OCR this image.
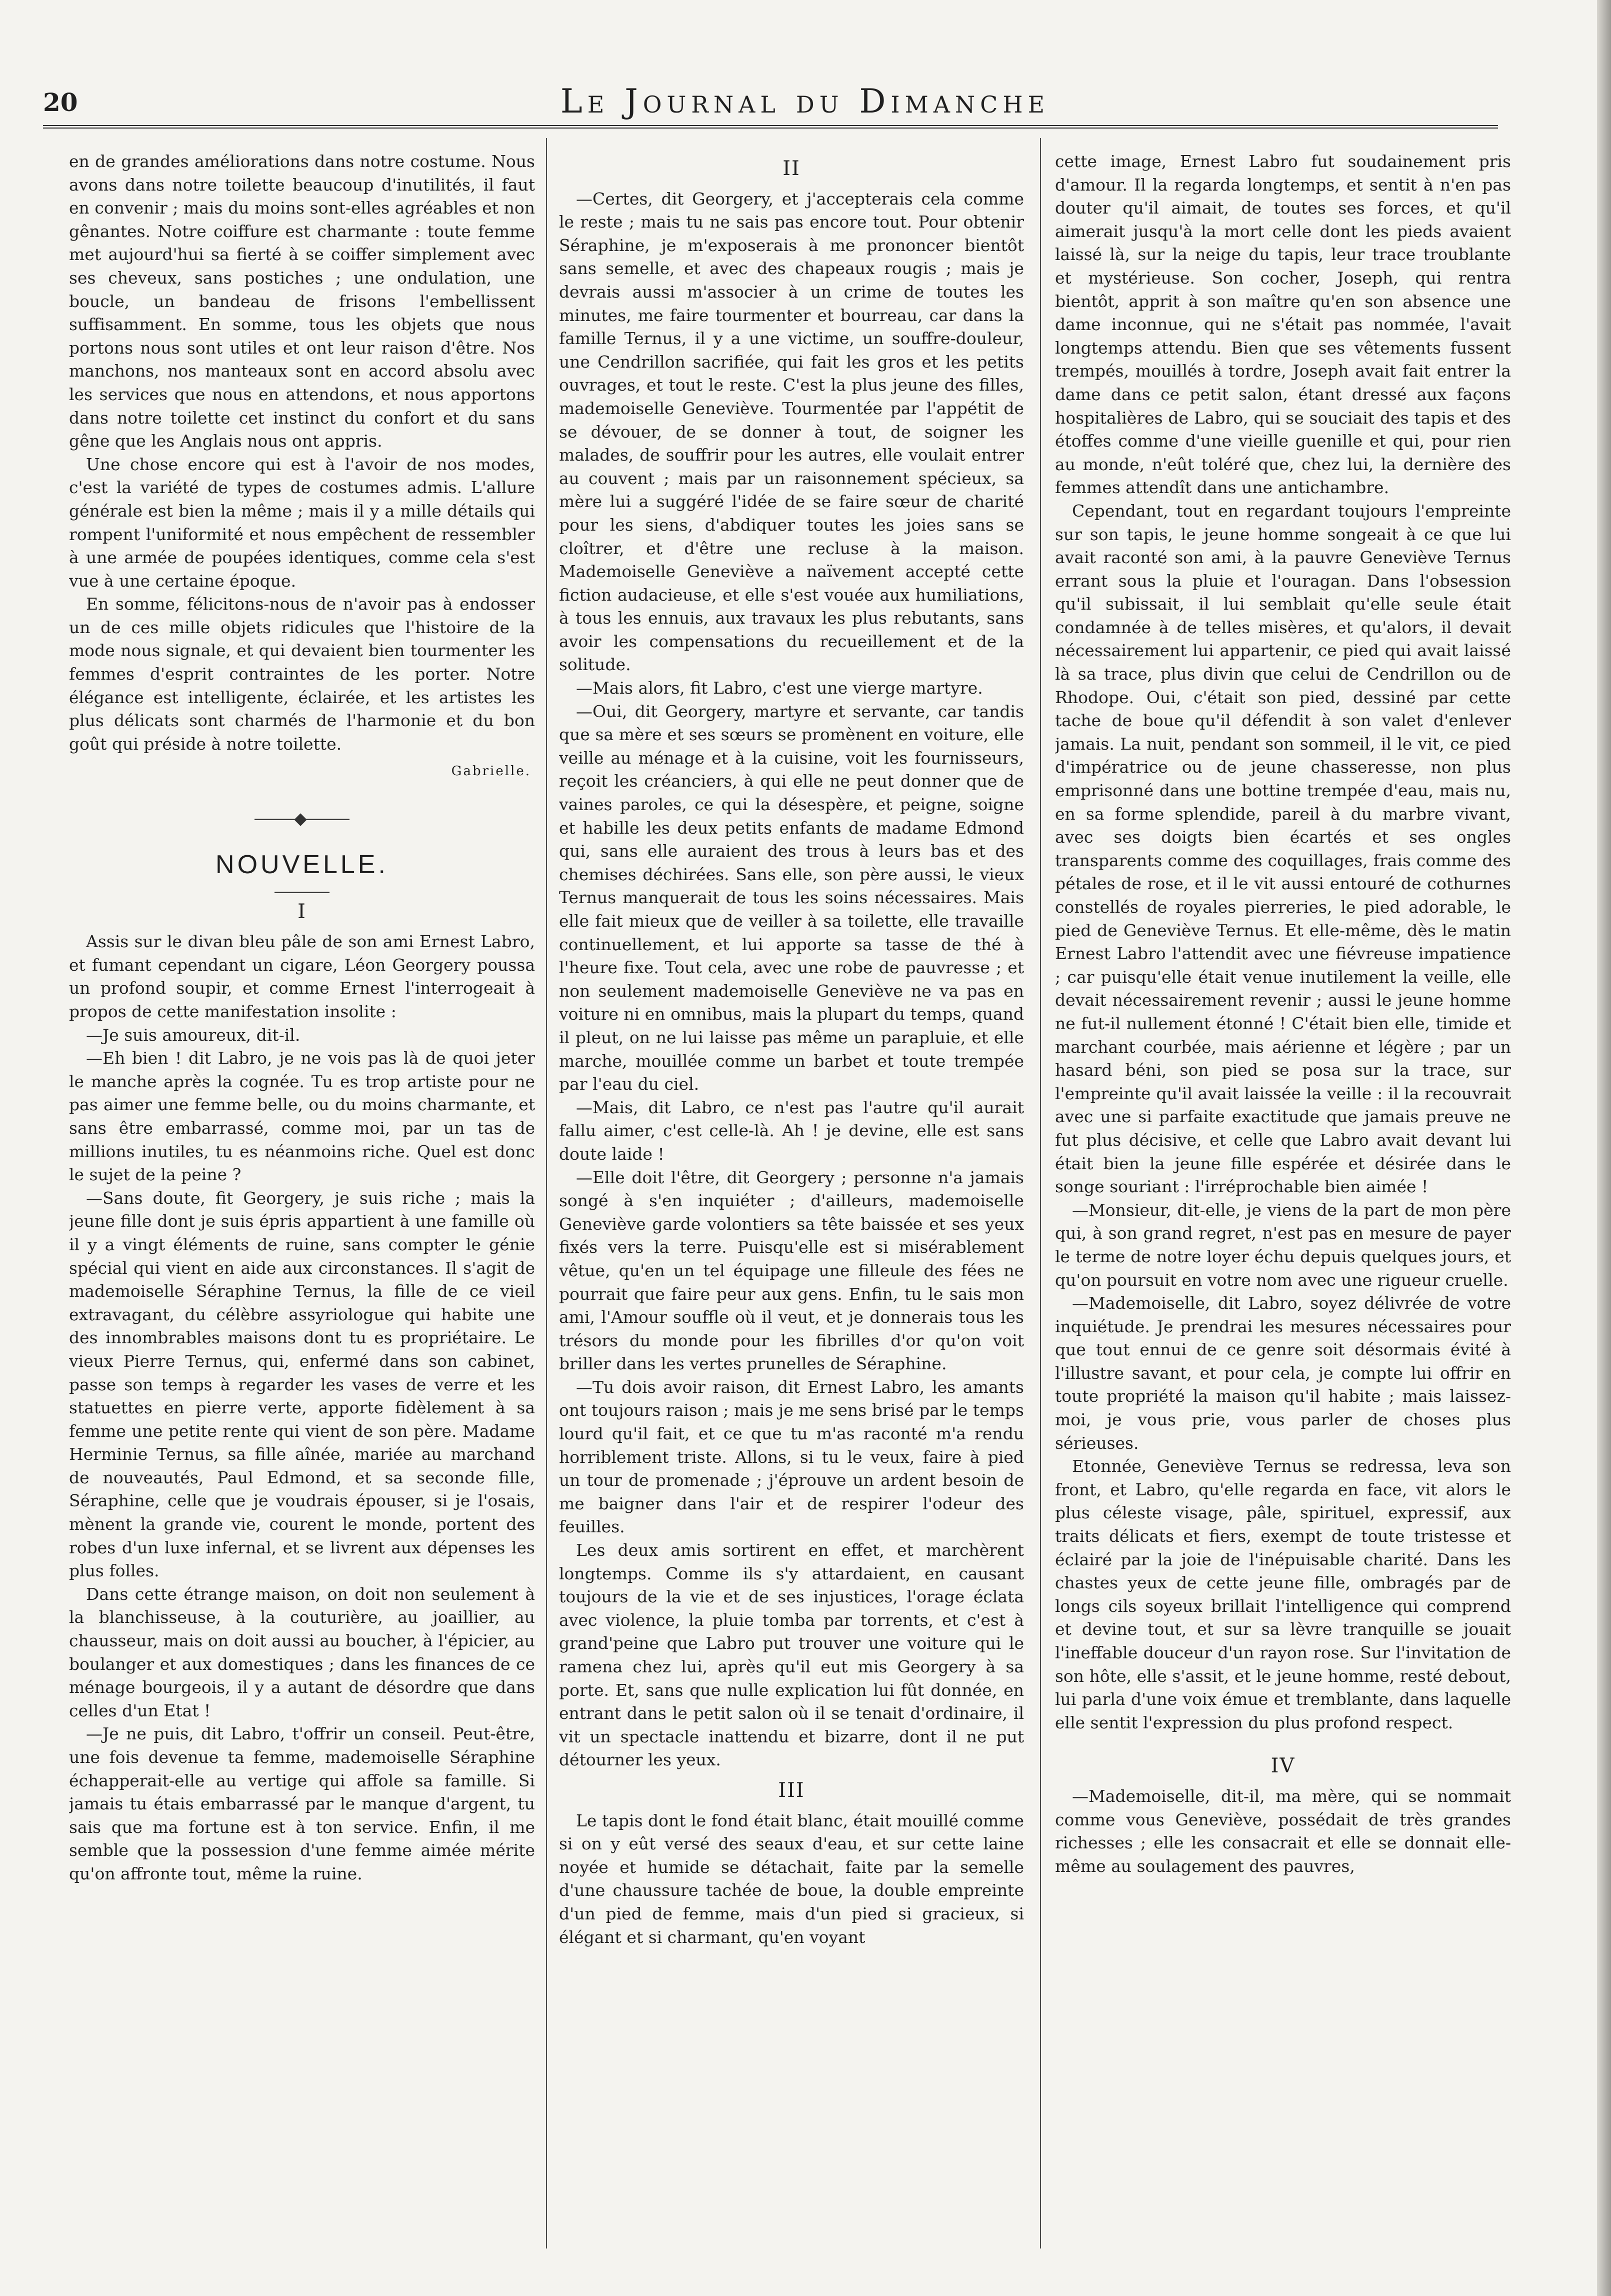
20	Le Journal du Dimanche

en de grandes améliorations dans notre costume. Nous avons dans notre toilette beaucoup d'inutilités, il faut en convenir ; mais du moins sont-elles agréables et non gênantes. Notre coiffure est charmante : toute femme met aujourd'hui sa fierté à se coiffer simplement avec ses cheveux, sans postiches ; une ondulation, une boucle, un bandeau de frisons l'embellissent suffisamment. En somme, tous les objets que nous portons nous sont utiles et ont leur raison d'être. Nos manchons, nos manteaux sont en accord absolu avec les services que nous en attendons, et nous apportons dans notre toilette cet instinct du confort et du sans gêne que les Anglais nous ont appris.

Une chose encore qui est à l'avoir de nos modes, c'est la variété de types de costumes admis. L'allure générale est bien la même ; mais il y a mille détails qui rompent l'uniformité et nous empêchent de ressembler à une armée de poupées identiques, comme cela s'est vue à une certaine époque.

En somme, félicitons-nous de n'avoir pas à endosser un de ces mille objets ridicules que l'histoire de la mode nous signale, et qui devaient bien tourmenter les femmes d'esprit contraintes de les porter. Notre élégance est intelligente, éclairée, et les artistes les plus délicats sont charmés de l'harmonie et du bon goût qui préside à notre toilette.

Gabrielle.
NOUVELLE.
I

Assis sur le divan bleu pâle de son ami Ernest Labro, et fumant cependant un cigare, Léon Georgery poussa un profond soupir, et comme Ernest l'interrogeait à propos de cette manifestation insolite :

—Je suis amoureux, dit-il.

—Eh bien ! dit Labro, je ne vois pas là de quoi jeter le manche après la cognée. Tu es trop artiste pour ne pas aimer une femme belle, ou du moins charmante, et sans être embarrassé, comme moi, par un tas de millions inutiles, tu es néanmoins riche. Quel est donc le sujet de la peine ?

—Sans doute, fit Georgery, je suis riche ; mais la jeune fille dont je suis épris appartient à une famille où il y a vingt éléments de ruine, sans compter le génie spécial qui vient en aide aux circonstances. Il s'agit de mademoiselle Séraphine Ternus, la fille de ce vieil extravagant, du célèbre assyriologue qui habite une des innombrables maisons dont tu es propriétaire. Le vieux Pierre Ternus, qui, enfermé dans son cabinet, passe son temps à regarder les vases de verre et les statuettes en pierre verte, apporte fidèlement à sa femme une petite rente qui vient de son père. Madame Herminie Ternus, sa fille aînée, mariée au marchand de nouveautés, Paul Edmond, et sa seconde fille, Séraphine, celle que je voudrais épouser, si je l'osais, mènent la grande vie, courent le monde, portent des robes d'un luxe infernal, et se livrent aux dépenses les plus folles.

Dans cette étrange maison, on doit non seulement à la blanchisseuse, à la couturière, au joaillier, au chausseur, mais on doit aussi au boucher, à l'épicier, au boulanger et aux domestiques ; dans les finances de ce ménage bourgeois, il y a autant de désordre que dans celles d'un Etat !

—Je ne puis, dit Labro, t'offrir un conseil. Peut-être, une fois devenue ta femme, mademoiselle Séraphine échapperait-elle au vertige qui affole sa famille. Si jamais tu étais embarrassé par le manque d'argent, tu sais que ma fortune est à ton service. Enfin, il me semble que la possession d'une femme aimée mérite qu'on affronte tout, même la ruine.

II

—Certes, dit Georgery, et j'accepterais cela comme le reste ; mais tu ne sais pas encore tout. Pour obtenir Séraphine, je m'exposerais à me prononcer bientôt sans semelle, et avec des chapeaux rougis ; mais je devrais aussi m'associer à un crime de toutes les minutes, me faire tourmenter et bourreau, car dans la famille Ternus, il y a une victime, un souffre-douleur, une Cendrillon sacrifiée, qui fait les gros et les petits ouvrages, et tout le reste. C'est la plus jeune des filles, mademoiselle Geneviève. Tourmentée par l'appétit de se dévouer, de se donner à tout, de soigner les malades, de souffrir pour les autres, elle voulait entrer au couvent ; mais par un raisonnement spécieux, sa mère lui a suggéré l'idée de se faire sœur de charité pour les siens, d'abdiquer toutes les joies sans se cloîtrer, et d'être une recluse à la maison. Mademoiselle Geneviève a naïvement accepté cette fiction audacieuse, et elle s'est vouée aux humiliations, à tous les ennuis, aux travaux les plus rebutants, sans avoir les compensations du recueillement et de la solitude.

—Mais alors, fit Labro, c'est une vierge martyre.

—Oui, dit Georgery, martyre et servante, car tandis que sa mère et ses sœurs se promènent en voiture, elle veille au ménage et à la cuisine, voit les fournisseurs, reçoit les créanciers, à qui elle ne peut donner que de vaines paroles, ce qui la désespère, et peigne, soigne et habille les deux petits enfants de madame Edmond qui, sans elle auraient des trous à leurs bas et des chemises déchirées. Sans elle, son père aussi, le vieux Ternus manquerait de tous les soins nécessaires. Mais elle fait mieux que de veiller à sa toilette, elle travaille continuellement, et lui apporte sa tasse de thé à l'heure fixe. Tout cela, avec une robe de pauvresse ; et non seulement mademoiselle Geneviève ne va pas en voiture ni en omnibus, mais la plupart du temps, quand il pleut, on ne lui laisse pas même un parapluie, et elle marche, mouillée comme un barbet et toute trempée par l'eau du ciel.

—Mais, dit Labro, ce n'est pas l'autre qu'il aurait fallu aimer, c'est celle-là. Ah ! je devine, elle est sans doute laide !

—Elle doit l'être, dit Georgery ; personne n'a jamais songé à s'en inquiéter ; d'ailleurs, mademoiselle Geneviève garde volontiers sa tête baissée et ses yeux fixés vers la terre. Puisqu'elle est si misérablement vêtue, qu'en un tel équipage une filleule des fées ne pourrait que faire peur aux gens. Enfin, tu le sais mon ami, l'Amour souffle où il veut, et je donnerais tous les trésors du monde pour les fibrilles d'or qu'on voit briller dans les vertes prunelles de Séraphine.

—Tu dois avoir raison, dit Ernest Labro, les amants ont toujours raison ; mais je me sens brisé par le temps lourd qu'il fait, et ce que tu m'as raconté m'a rendu horriblement triste. Allons, si tu le veux, faire à pied un tour de promenade ; j'éprouve un ardent besoin de me baigner dans l'air et de respirer l'odeur des feuilles.

Les deux amis sortirent en effet, et marchèrent longtemps. Comme ils s'y attardaient, en causant toujours de la vie et de ses injustices, l'orage éclata avec violence, la pluie tomba par torrents, et c'est à grand'peine que Labro put trouver une voiture qui le ramena chez lui, après qu'il eut mis Georgery à sa porte. Et, sans que nulle explication lui fût donnée, en entrant dans le petit salon où il se tenait d'ordinaire, il vit un spectacle inattendu et bizarre, dont il ne put détourner les yeux.

III

Le tapis dont le fond était blanc, était mouillé comme si on y eût versé des seaux d'eau, et sur cette laine noyée et humide se détachait, faite par la semelle d'une chaussure tachée de boue, la double empreinte d'un pied de femme, mais d'un pied si gracieux, si élégant et si charmant, qu'en voyant

cette image, Ernest Labro fut soudainement pris d'amour. Il la regarda longtemps, et sentit à n'en pas douter qu'il aimait, de toutes ses forces, et qu'il aimerait jusqu'à la mort celle dont les pieds avaient laissé là, sur la neige du tapis, leur trace troublante et mystérieuse. Son cocher, Joseph, qui rentra bientôt, apprit à son maître qu'en son absence une dame inconnue, qui ne s'était pas nommée, l'avait longtemps attendu. Bien que ses vêtements fussent trempés, mouillés à tordre, Joseph avait fait entrer la dame dans ce petit salon, étant dressé aux façons hospitalières de Labro, qui se souciait des tapis et des étoffes comme d'une vieille guenille et qui, pour rien au monde, n'eût toléré que, chez lui, la dernière des femmes attendît dans une antichambre.

Cependant, tout en regardant toujours l'empreinte sur son tapis, le jeune homme songeait à ce que lui avait raconté son ami, à la pauvre Geneviève Ternus errant sous la pluie et l'ouragan. Dans l'obsession qu'il subissait, il lui semblait qu'elle seule était condamnée à de telles misères, et qu'alors, il devait nécessairement lui appartenir, ce pied qui avait laissé là sa trace, plus divin que celui de Cendrillon ou de Rhodope. Oui, c'était son pied, dessiné par cette tache de boue qu'il défendit à son valet d'enlever jamais. La nuit, pendant son sommeil, il le vit, ce pied d'impératrice ou de jeune chasseresse, non plus emprisonné dans une bottine trempée d'eau, mais nu, en sa forme splendide, pareil à du marbre vivant, avec ses doigts bien écartés et ses ongles transparents comme des coquillages, frais comme des pétales de rose, et il le vit aussi entouré de cothurnes constellés de royales pierreries, le pied adorable, le pied de Geneviève Ternus. Et elle-même, dès le matin Ernest Labro l'attendit avec une fiévreuse impatience ; car puisqu'elle était venue inutilement la veille, elle devait nécessairement revenir ; aussi le jeune homme ne fut-il nullement étonné ! C'était bien elle, timide et marchant courbée, mais aérienne et légère ; par un hasard béni, son pied se posa sur la trace, sur l'empreinte qu'il avait laissée la veille : il la recouvrait avec une si parfaite exactitude que jamais preuve ne fut plus décisive, et celle que Labro avait devant lui était bien la jeune fille espérée et désirée dans le songe souriant : l'irréprochable bien aimée !

—Monsieur, dit-elle, je viens de la part de mon père qui, à son grand regret, n'est pas en mesure de payer le terme de notre loyer échu depuis quelques jours, et qu'on poursuit en votre nom avec une rigueur cruelle.

—Mademoiselle, dit Labro, soyez délivrée de votre inquiétude. Je prendrai les mesures nécessaires pour que tout ennui de ce genre soit désormais évité à l'illustre savant, et pour cela, je compte lui offrir en toute propriété la maison qu'il habite ; mais laissez-moi, je vous prie, vous parler de choses plus sérieuses.

Etonnée, Geneviève Ternus se redressa, leva son front, et Labro, qu'elle regarda en face, vit alors le plus céleste visage, pâle, spirituel, expressif, aux traits délicats et fiers, exempt de toute tristesse et éclairé par la joie de l'inépuisable charité. Dans les chastes yeux de cette jeune fille, ombragés par de longs cils soyeux brillait l'intelligence qui comprend et devine tout, et sur sa lèvre tranquille se jouait l'ineffable douceur d'un rayon rose. Sur l'invitation de son hôte, elle s'assit, et le jeune homme, resté debout, lui parla d'une voix émue et tremblante, dans laquelle elle sentit l'expression du plus profond respect.

IV

—Mademoiselle, dit-il, ma mère, qui se nommait comme vous Geneviève, possédait de très grandes richesses ; elle les consacrait et elle se donnait elle-même au soulagement des pauvres,
